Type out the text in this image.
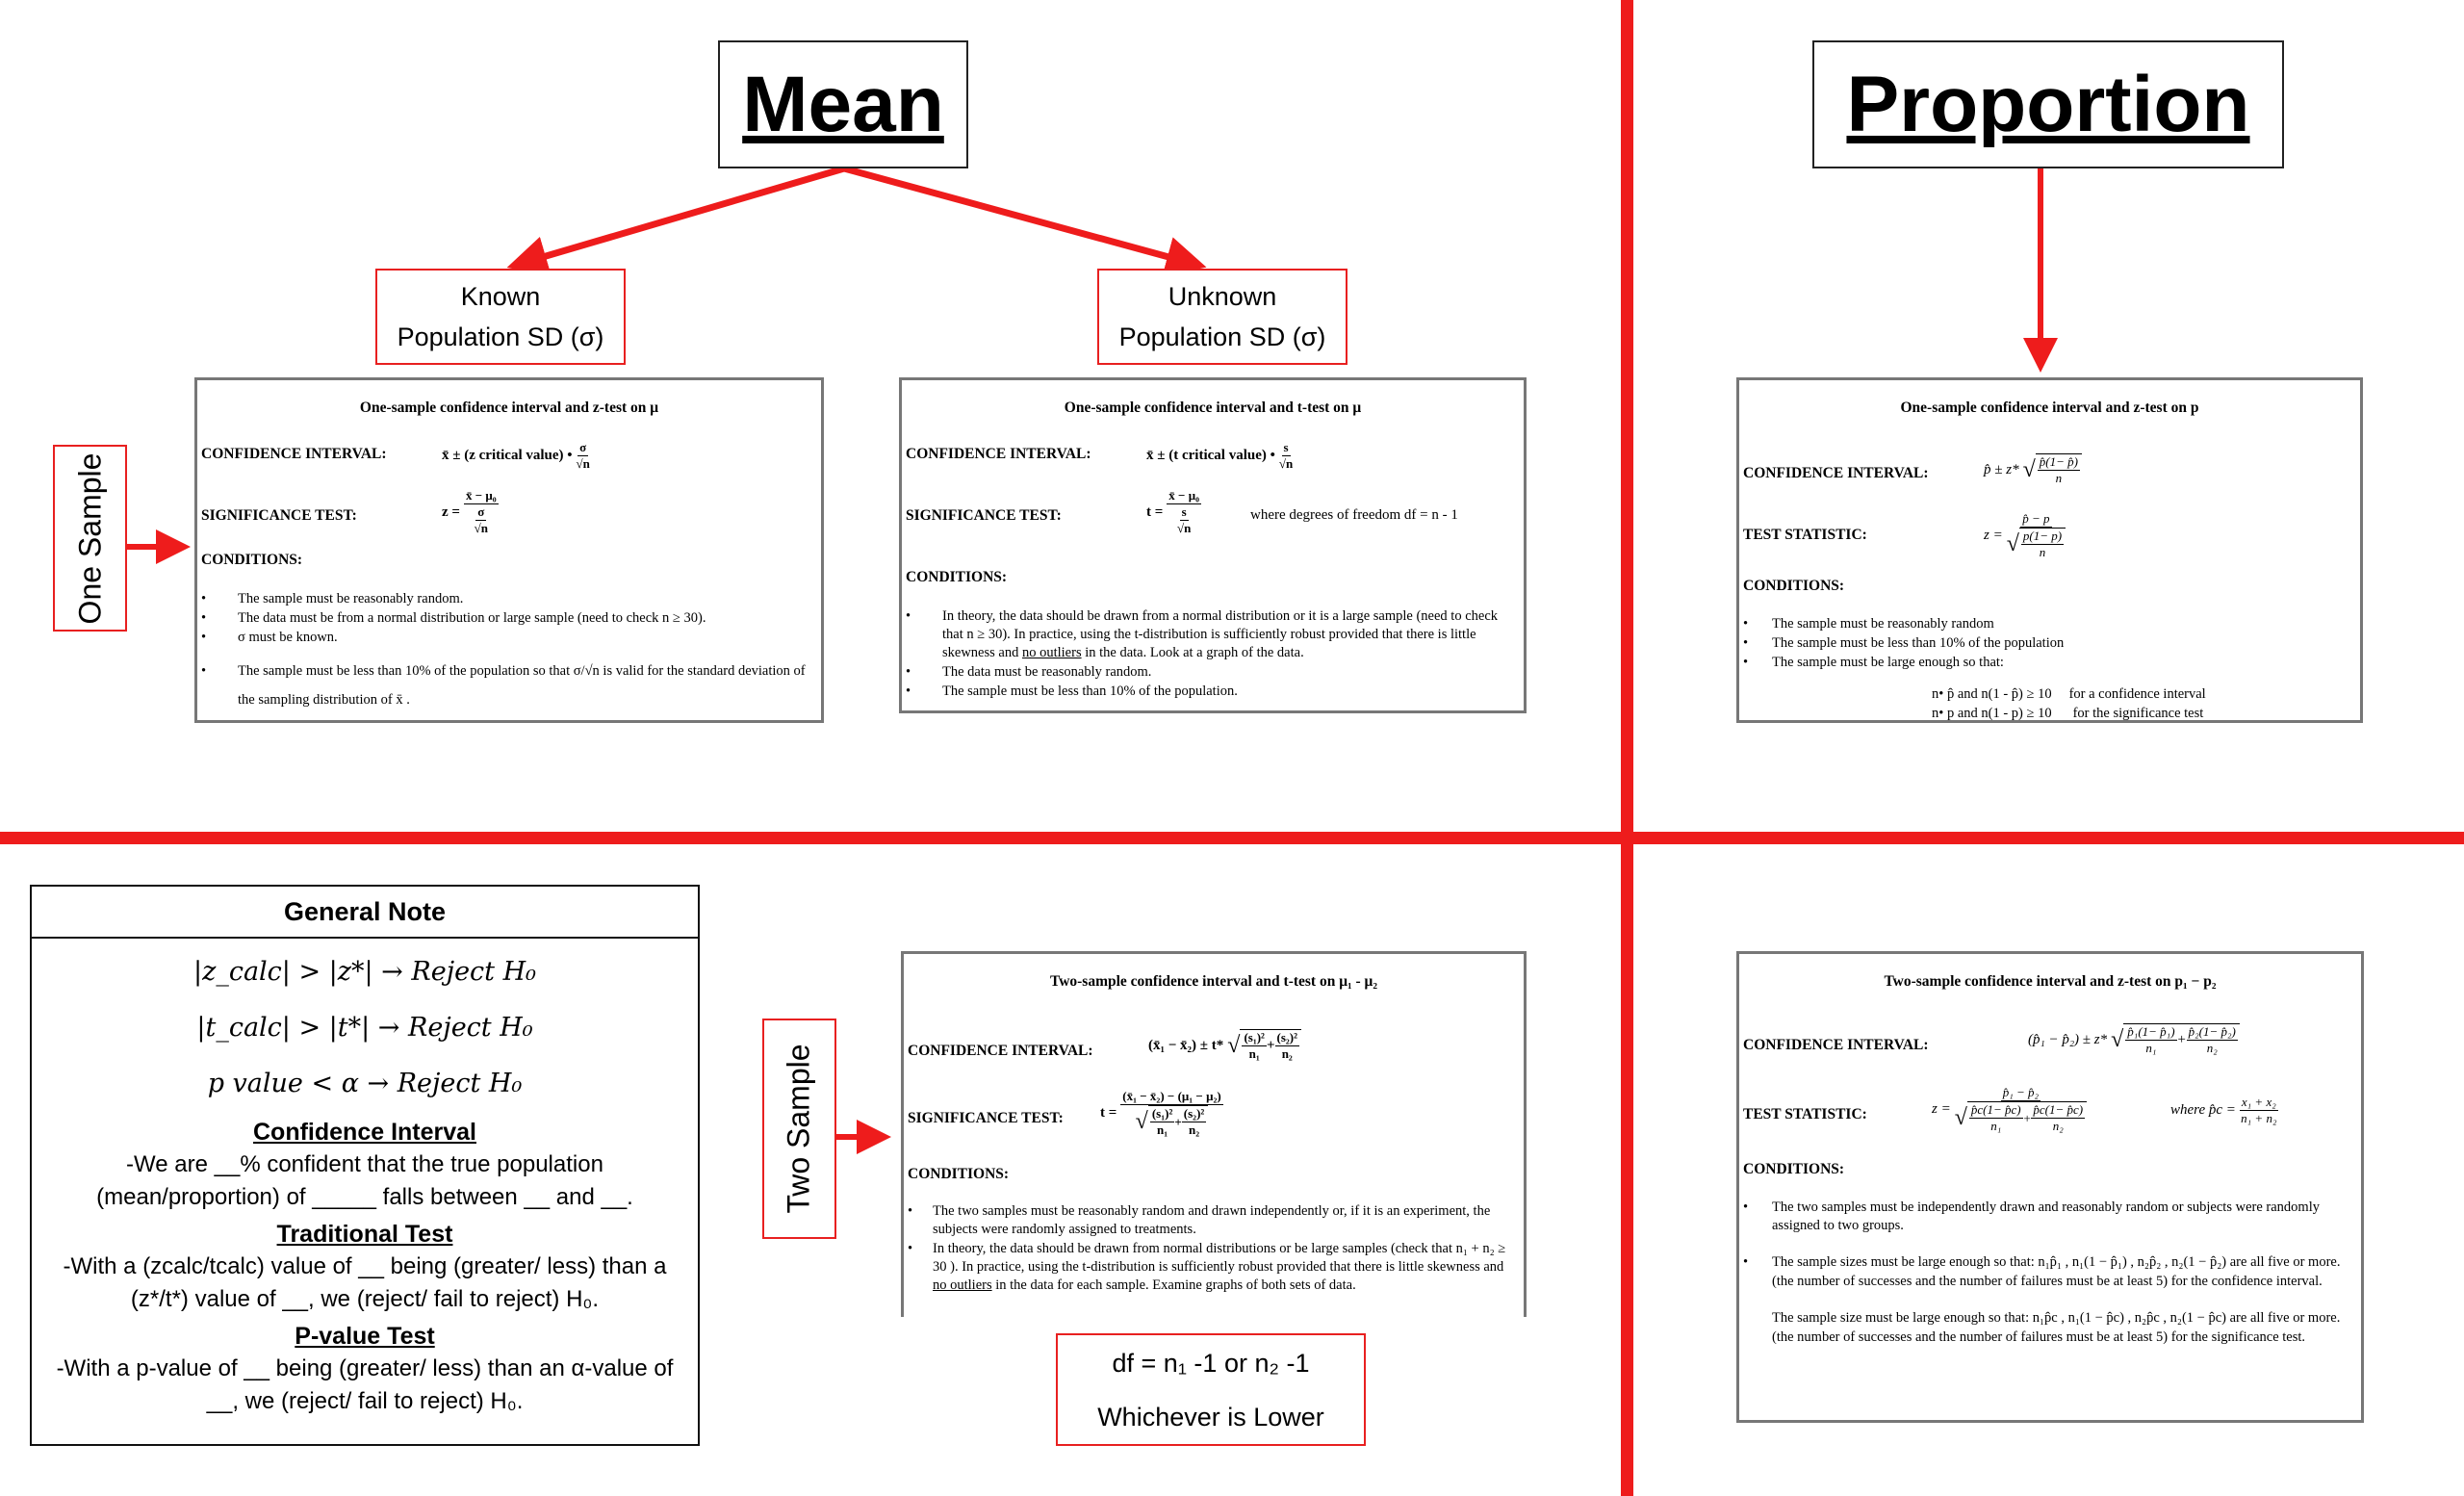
Mean	Proportion
Known
Population SD (σ)
Unknown
Population SD (σ)
One Sample
Two Sample
One-sample confidence interval and z-test on μ
CONFIDENCE INTERVAL:	x̄ ± (z critical value) • $\frac{\sigma}{√n}$
SIGNIFICANCE TEST:	$z = \frac{\text{x̄ − μ₀}}{\frac{\sigma}{√n}}$
CONDITIONS:
• The sample must be reasonably random.
• The data must be from a normal distribution or large sample (need to check n ≥ 30).
• σ must be known.
• The sample must be less than 10% of the population so that σ/√n is valid for the standard deviation of the sampling distribution of x̄ .
One-sample confidence interval and t-test on μ
CONFIDENCE INTERVAL:	x̄ ± (t critical value) • $\frac{s}{√n}$
SIGNIFICANCE TEST:	$t = \frac{\text{x̄ − μ₀}}{\frac{s}{√n}}$	where degrees of freedom df = n - 1
CONDITIONS:
• In theory, the data should be drawn from a normal distribution or it is a large sample (need to check that n ≥ 30). In practice, using the t-distribution is sufficiently robust provided that there is little skewness and no outliers in the data. Look at a graph of the data.
• The data must be reasonably random.
• The sample must be less than 10% of the population.
One-sample confidence interval and z-test on p
CONFIDENCE INTERVAL:	p̂ ± z* √ $\frac{p̂(1- p̂)}{n}$
TEST STATISTIC:	$z = \frac{p̂ - p}{√ \frac{p(1- p)}{n}}$
CONDITIONS:
• The sample must be reasonably random
• The sample must be less than 10% of the population
• The sample must be large enough so that:
n• p̂ and n(1 - p̂) ≥ 10 for a confidence interval
n• p and n(1 - p) ≥ 10 for the significance test
General Note
|z_calc| > |z*| → Reject H₀
|t_calc| > |t*| → Reject H₀
p value < α → Reject H₀
Confidence Interval
-We are __% confident that the true population (mean/proportion) of _____ falls between __ and __.
Traditional Test
-With a (zcalc/tcalc) value of __ being (greater/ less) than a (z*/t*) value of __, we (reject/ fail to reject) H₀.
P-value Test
-With a p-value of __ being (greater/ less) than an α-value of __, we (reject/ fail to reject) H₀.
Two-sample confidence interval and t-test on μ₁ - μ₂
CONFIDENCE INTERVAL:	(x̄₁ − x̄₂) ± t* √ $\frac{\text{(s₁)²}}{\text{n₁}} + \frac{\text{(s₂)²}}{\text{n₂}}$
SIGNIFICANCE TEST:	$t = \frac{\text{(x̄₁ − x̄₂) − (μ₁ − μ₂)}}{√ \frac{\text{(s₁)²}}{\text{n₁}} + \frac{\text{(s₂)²}}{\text{n₂}}}$
CONDITIONS:
• The two samples must be reasonably random and drawn independently or, if it is an experiment, the subjects were randomly assigned to treatments.
• In theory, the data should be drawn from normal distributions or be large samples (check that n₁ + n₂ ≥ 30 ). In practice, using the t-distribution is sufficiently robust provided that there is little skewness and no outliers in the data for each sample. Examine graphs of both sets of data.
df = n₁ -1 or n₂ -1
Whichever is Lower
Two-sample confidence interval and z-test on p₁ − p₂
CONFIDENCE INTERVAL:	(p̂₁ − p̂₂) ± z* √ $\frac{\text{p̂₁(1− p̂₁)}}{\text{n₁}} + \frac{\text{p̂₂(1− p̂₂)}}{\text{n₂}}$
TEST STATISTIC:	$z = \frac{\text{p̂₁ − p̂₂}}{√ \frac{p̂c(1- p̂c)}{\text{n₁}} + \frac{p̂c(1- p̂c)}{\text{n₂}}}$	where p̂c = $\frac{\text{x₁ + x₂}}{\text{n₁ + n₂}}$
CONDITIONS:
• The two samples must be independently drawn and reasonably random or subjects were randomly assigned to two groups.
• The sample sizes must be large enough so that: n₁p̂₁ , n₁(1 − p̂₁) , n₂p̂₂ , n₂(1 − p̂₂) are all five or more. (the number of successes and the number of failures must be at least 5) for the confidence interval.
The sample size must be large enough so that: n₁p̂c , n₁(1 − p̂c) , n₂p̂c , n₂(1 − p̂c) are all five or more. (the number of successes and the number of failures must be at least 5) for the significance test.
